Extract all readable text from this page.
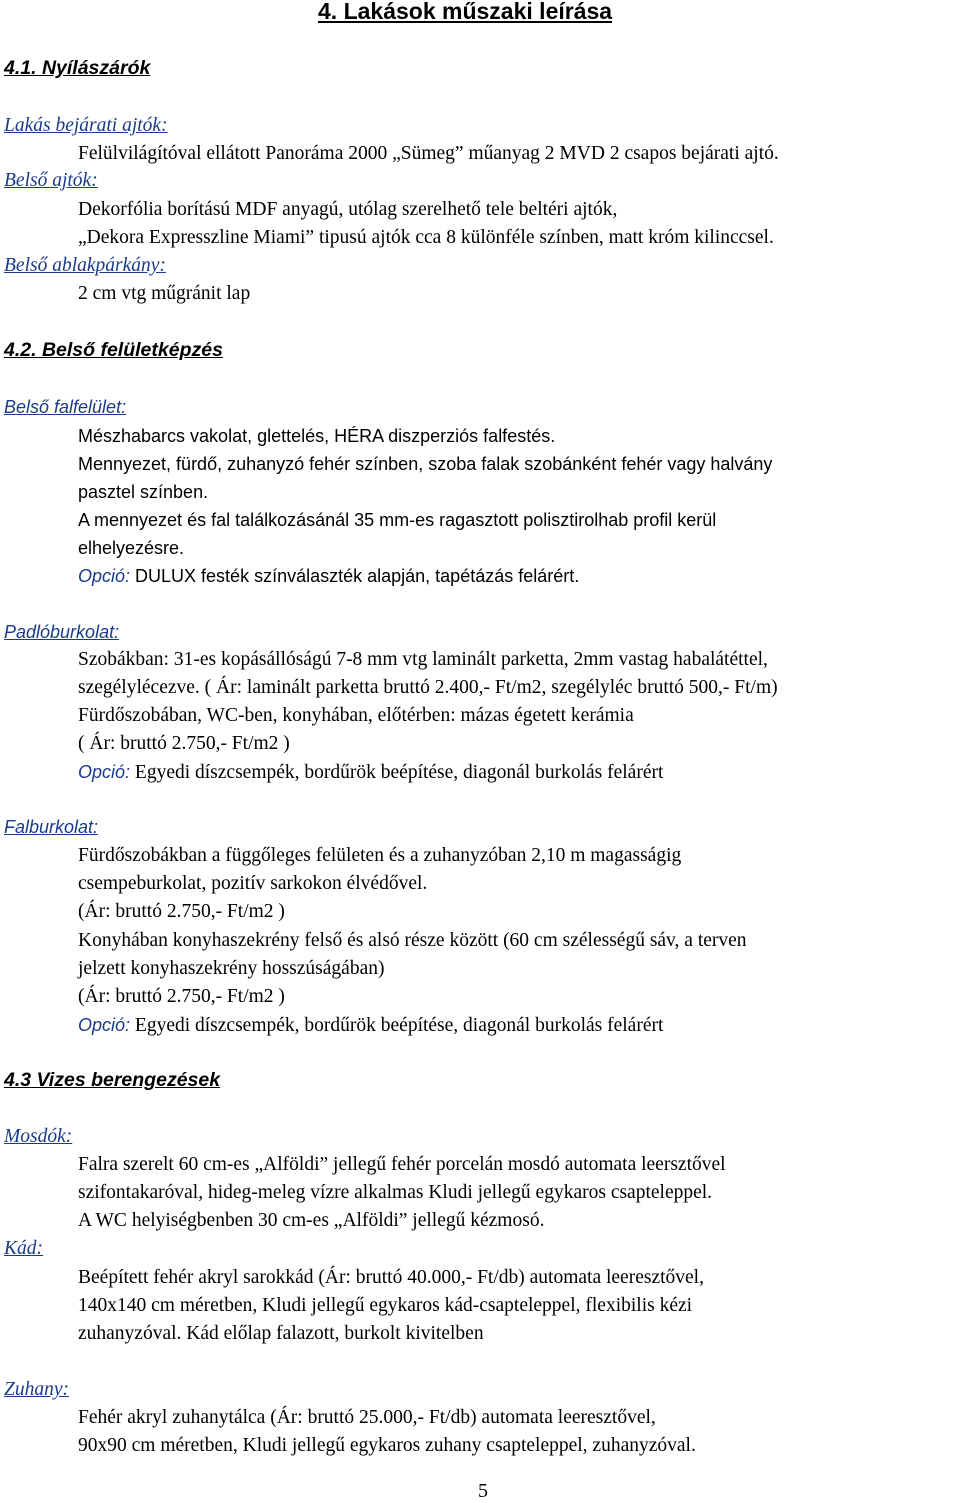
4. Lakások műszaki leírása
4.1. Nyílászárók
Lakás bejárati ajtók:
Felülvilágítóval ellátott Panoráma 2000 „Sümeg” műanyag 2 MVD 2 csapos bejárati ajtó.
Belső ajtók:
Dekorfólia borítású MDF anyagú, utólag szerelhető tele beltéri ajtók,
„Dekora Expresszline Miami” tipusú ajtók cca 8 különféle színben, matt króm kilinccsel.
Belső ablakpárkány:
2 cm vtg műgránit lap
4.2. Belső felületképzés
Belső falfelület:
Mészhabarcs vakolat, glettelés, HÉRA diszperziós falfestés.
Mennyezet, fürdő, zuhanyzó fehér színben, szoba falak szobánként fehér vagy halvány
pasztel színben.
A mennyezet és fal találkozásánál 35 mm-es ragasztott polisztirolhab profil kerül
elhelyezésre.
Opció: DULUX festék színválaszték alapján, tapétázás felárért.
Padlóburkolat:
Szobákban: 31-es kopásállóságú 7-8 mm vtg laminált parketta, 2mm vastag habalátéttel,
szegélylécezve. ( Ár: laminált parketta bruttó 2.400,- Ft/m2, szegélyléc bruttó 500,- Ft/m)
Fürdőszobában, WC-ben, konyhában, előtérben: mázas égetett kerámia
( Ár: bruttó 2.750,- Ft/m2 )
Opció: Egyedi díszcsempék, bordűrök beépítése, diagonál burkolás felárért
Falburkolat:
Fürdőszobákban a függőleges felületen és a zuhanyzóban 2,10 m magasságig
csempeburkolat, pozitív sarkokon élvédővel.
(Ár: bruttó 2.750,- Ft/m2 )
Konyhában konyhaszekrény felső és alsó része között (60 cm szélességű sáv, a terven
jelzett konyhaszekrény hosszúságában)
(Ár: bruttó 2.750,- Ft/m2 )
Opció: Egyedi díszcsempék, bordűrök beépítése, diagonál burkolás felárért
4.3 Vizes berengezések
Mosdók:
Falra szerelt 60 cm-es „Alföldi” jellegű fehér porcelán mosdó automata leersztővel
szifontakaróval, hideg-meleg vízre alkalmas Kludi jellegű egykaros csapteleppel.
A WC helyiségbenben 30 cm-es „Alföldi” jellegű kézmosó.
Kád:
Beépített fehér akryl sarokkád (Ár: bruttó 40.000,- Ft/db) automata leeresztővel,
140x140 cm méretben, Kludi jellegű egykaros kád-csapteleppel, flexibilis kézi
zuhanyzóval. Kád előlap falazott, burkolt kivitelben
Zuhany:
Fehér akryl zuhanytálca (Ár: bruttó 25.000,- Ft/db) automata leeresztővel,
90x90 cm méretben, Kludi jellegű egykaros zuhany csapteleppel, zuhanyzóval.
5
